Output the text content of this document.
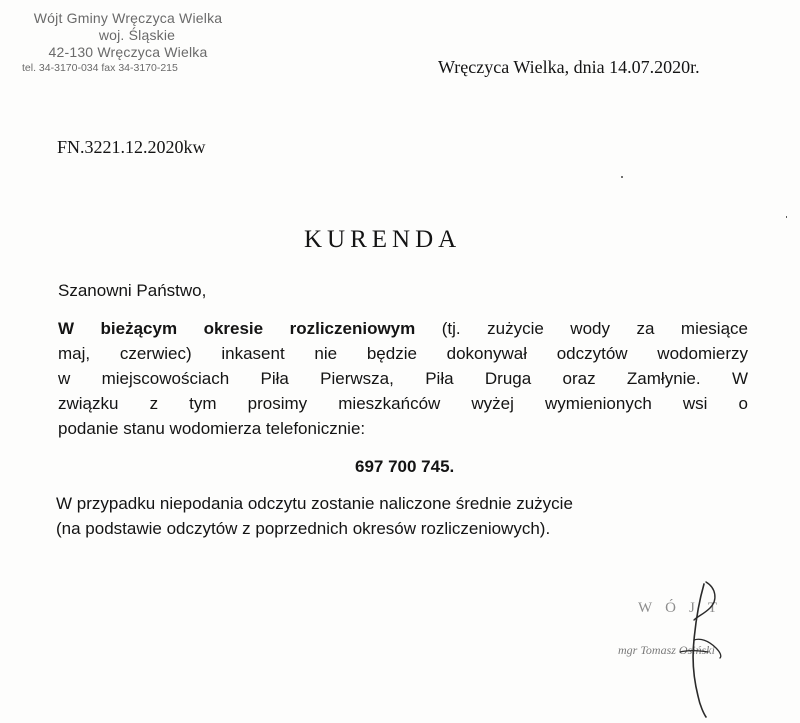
Wójt Gminy Wręczyca Wielka
woj. Śląskie
42-130 Wręczyca Wielka
tel. 34-3170-034 fax 34-3170-215	Wręczyca Wielka, dnia 14.07.2020r.
FN.3221.12.2020kw
KURENDA
Szanowni Państwo,
W bieżącym okresie rozliczeniowym (tj. zużycie wody za miesiące
maj, czerwiec) inkasent nie będzie dokonywał odczytów wodomierzy
w miejscowościach Piła Pierwsza, Piła Druga oraz Zamłynie. W
związku z tym prosimy mieszkańców wyżej wymienionych wsi o
podanie stanu wodomierza telefonicznie:
697 700 745.
W przypadku niepodania odczytu zostanie naliczone średnie zużycie
(na podstawie odczytów z poprzednich okresów rozliczeniowych).
WÓJT
mgr Tomasz Osiński
